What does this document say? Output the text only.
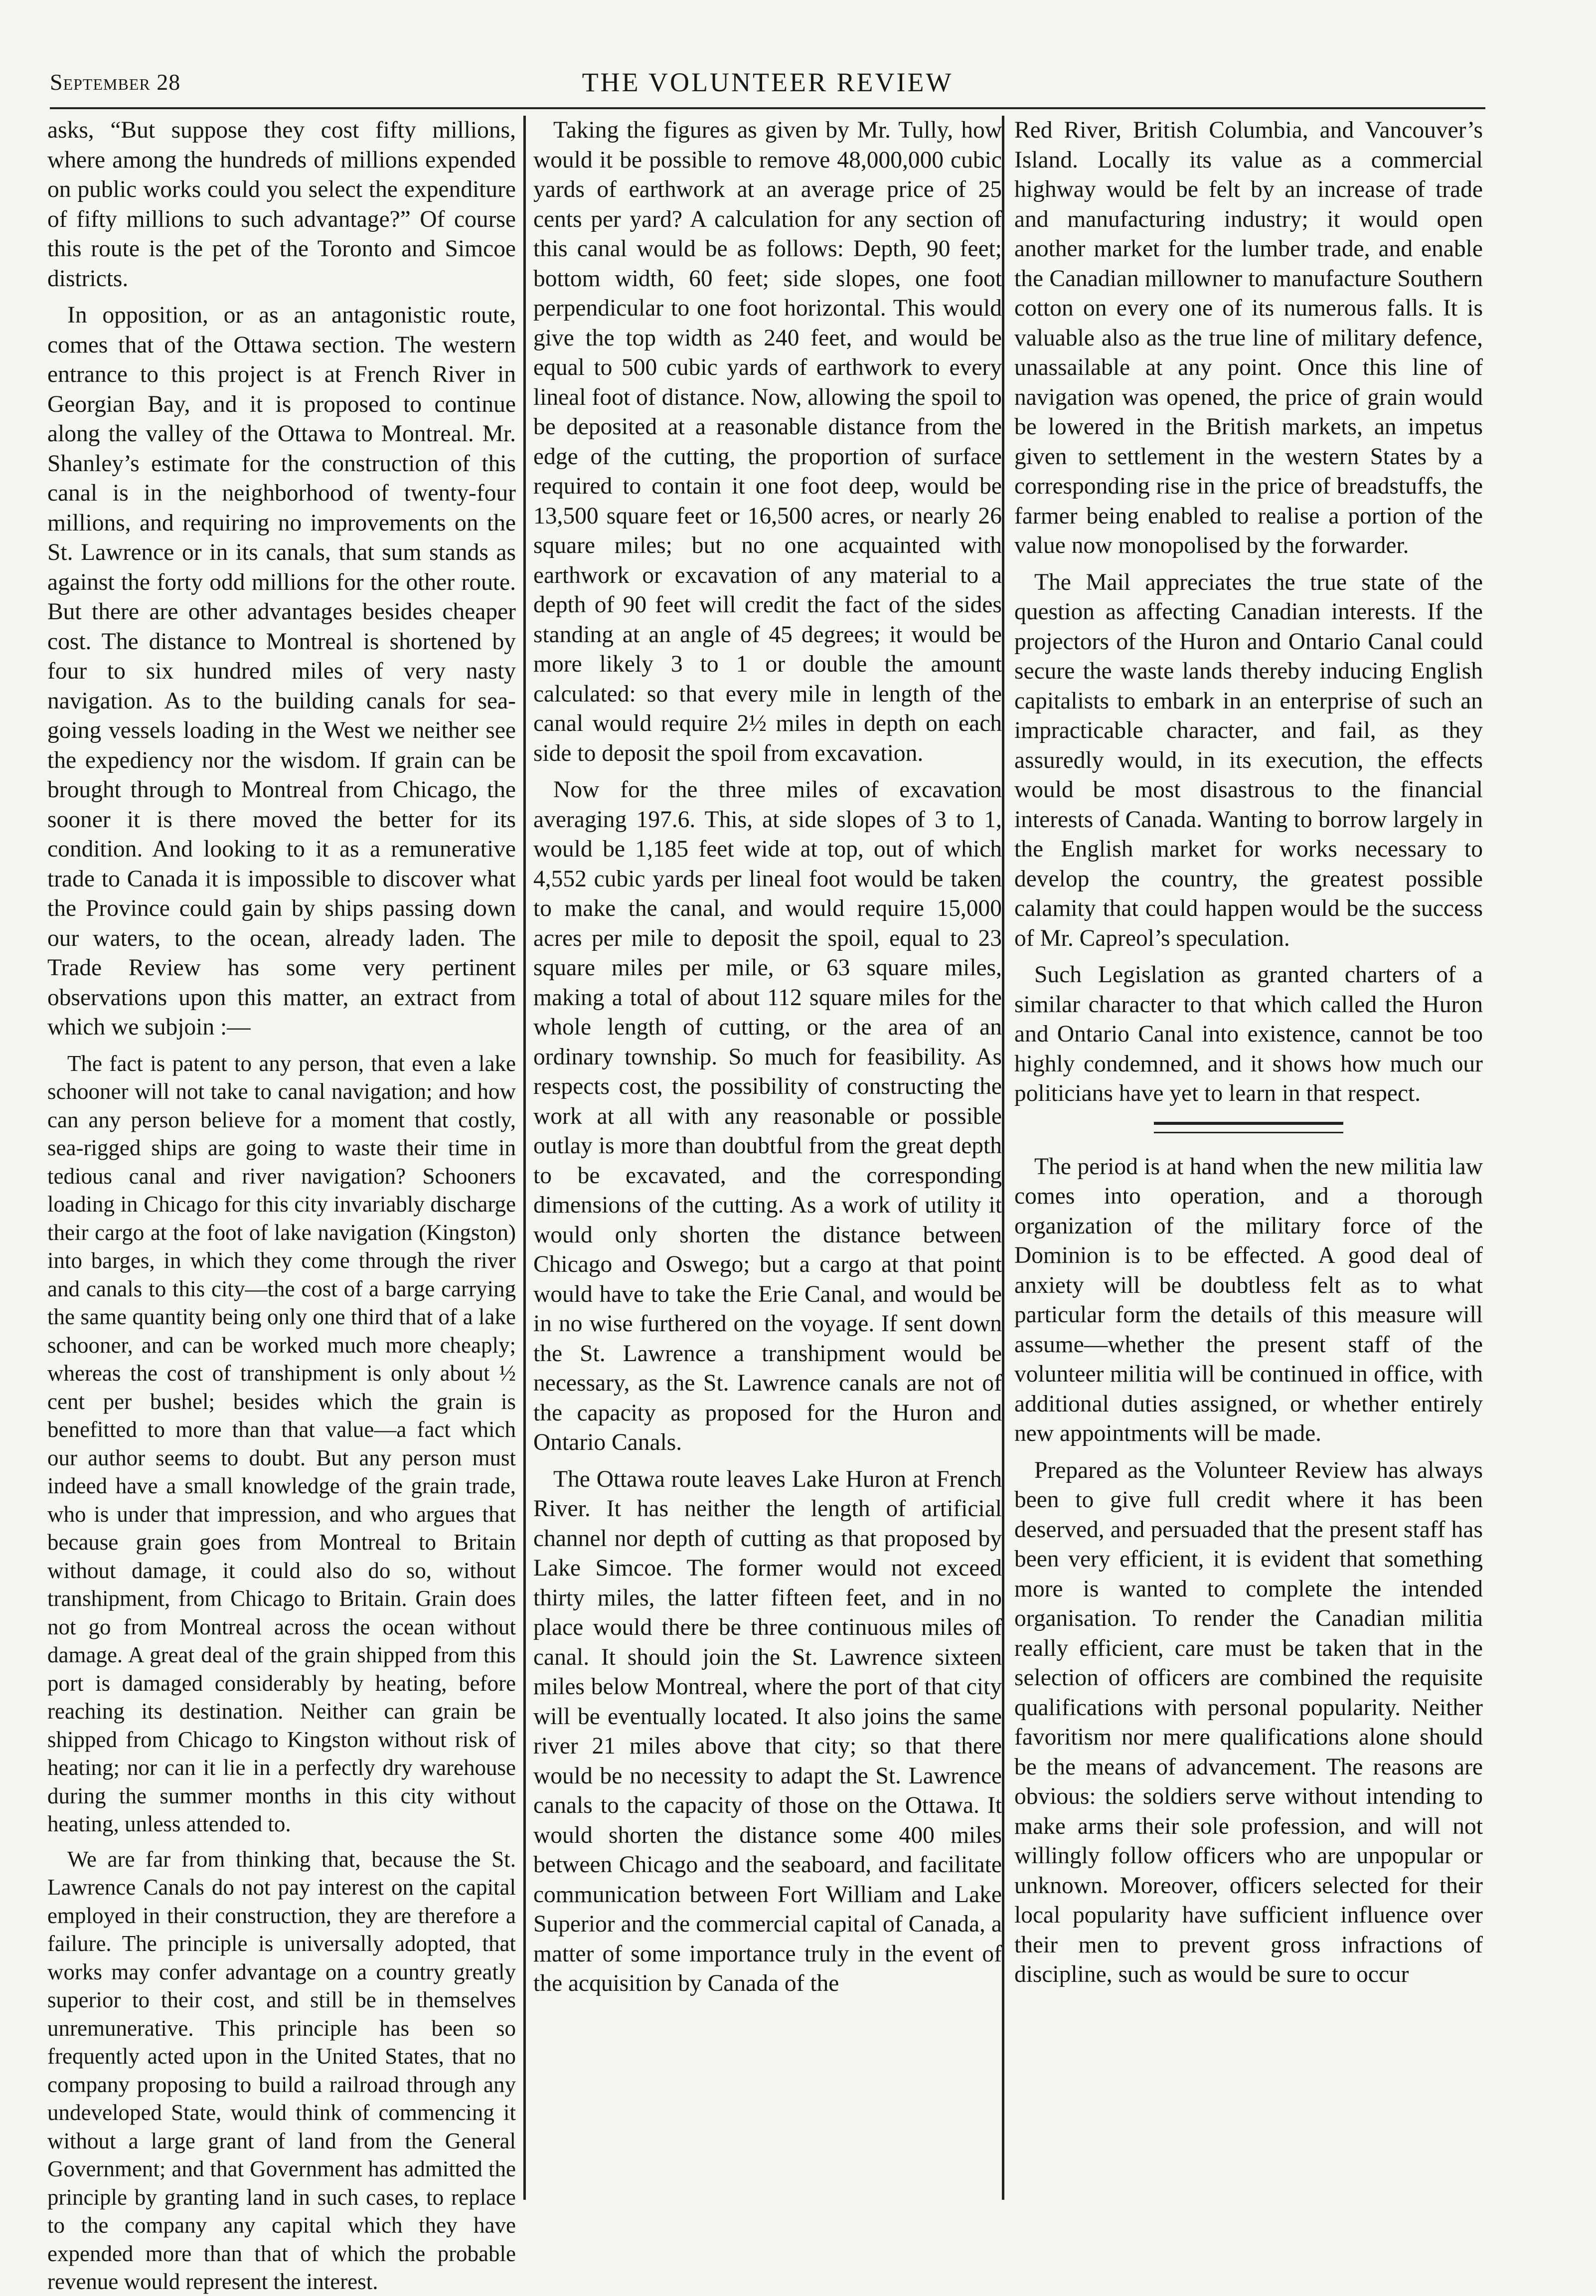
September 28	THE VOLUNTEER REVIEW

asks, “But suppose they cost fifty millions, where among the hundreds of millions expended on public works could you select the expenditure of fifty millions to such advantage?” Of course this route is the pet of the Toronto and Simcoe districts.

In opposition, or as an antagonistic route, comes that of the Ottawa section. The western entrance to this project is at French River in Georgian Bay, and it is proposed to continue along the valley of the Ottawa to Montreal. Mr. Shanley’s estimate for the construction of this canal is in the neighborhood of twenty-four millions, and requiring no improvements on the St. Lawrence or in its canals, that sum stands as against the forty odd millions for the other route. But there are other advantages besides cheaper cost. The distance to Montreal is shortened by four to six hundred miles of very nasty navigation. As to the building canals for sea-going vessels loading in the West we neither see the expediency nor the wisdom. If grain can be brought through to Montreal from Chicago, the sooner it is there moved the better for its condition. And looking to it as a remunerative trade to Canada it is impossible to discover what the Province could gain by ships passing down our waters, to the ocean, already laden. The Trade Review has some very pertinent observations upon this matter, an extract from which we subjoin :—

The fact is patent to any person, that even a lake schooner will not take to canal navigation; and how can any person believe for a moment that costly, sea-rigged ships are going to waste their time in tedious canal and river navigation? Schooners loading in Chicago for this city invariably discharge their cargo at the foot of lake navigation (Kingston) into barges, in which they come through the river and canals to this city—the cost of a barge carrying the same quantity being only one third that of a lake schooner, and can be worked much more cheaply; whereas the cost of transhipment is only about ½ cent per bushel; besides which the grain is benefitted to more than that value—a fact which our author seems to doubt. But any person must indeed have a small knowledge of the grain trade, who is under that impression, and who argues that because grain goes from Montreal to Britain without damage, it could also do so, without transhipment, from Chicago to Britain. Grain does not go from Montreal across the ocean without damage. A great deal of the grain shipped from this port is damaged considerably by heating, before reaching its destination. Neither can grain be shipped from Chicago to Kingston without risk of heating; nor can it lie in a perfectly dry warehouse during the summer months in this city without heating, unless attended to.

We are far from thinking that, because the St. Lawrence Canals do not pay interest on the capital employed in their construction, they are therefore a failure. The principle is universally adopted, that works may confer advantage on a country greatly superior to their cost, and still be in themselves unremunerative. This principle has been so frequently acted upon in the United States, that no company proposing to build a railroad through any undeveloped State, would think of commencing it without a large grant of land from the General Government; and that Government has admitted the principle by granting land in such cases, to replace to the company any capital which they have expended more than that of which the probable revenue would represent the interest.

Taking the figures as given by Mr. Tully, how would it be possible to remove 48,000,000 cubic yards of earthwork at an average price of 25 cents per yard? A calculation for any section of this canal would be as follows: Depth, 90 feet; bottom width, 60 feet; side slopes, one foot perpendicular to one foot horizontal. This would give the top width as 240 feet, and would be equal to 500 cubic yards of earthwork to every lineal foot of distance. Now, allowing the spoil to be deposited at a reasonable distance from the edge of the cutting, the proportion of surface required to contain it one foot deep, would be 13,500 square feet or 16,500 acres, or nearly 26 square miles; but no one acquainted with earthwork or excavation of any material to a depth of 90 feet will credit the fact of the sides standing at an angle of 45 degrees; it would be more likely 3 to 1 or double the amount calculated: so that every mile in length of the canal would require 2½ miles in depth on each side to deposit the spoil from excavation.

Now for the three miles of excavation averaging 197.6. This, at side slopes of 3 to 1, would be 1,185 feet wide at top, out of which 4,552 cubic yards per lineal foot would be taken to make the canal, and would require 15,000 acres per mile to deposit the spoil, equal to 23 square miles per mile, or 63 square miles, making a total of about 112 square miles for the whole length of cutting, or the area of an ordinary township. So much for feasibility. As respects cost, the possibility of constructing the work at all with any reasonable or possible outlay is more than doubtful from the great depth to be excavated, and the corresponding dimensions of the cutting. As a work of utility it would only shorten the distance between Chicago and Oswego; but a cargo at that point would have to take the Erie Canal, and would be in no wise furthered on the voyage. If sent down the St. Lawrence a transhipment would be necessary, as the St. Lawrence canals are not of the capacity as proposed for the Huron and Ontario Canals.

The Ottawa route leaves Lake Huron at French River. It has neither the length of artificial channel nor depth of cutting as that proposed by Lake Simcoe. The former would not exceed thirty miles, the latter fifteen feet, and in no place would there be three continuous miles of canal. It should join the St. Lawrence sixteen miles below Montreal, where the port of that city will be eventually located. It also joins the same river 21 miles above that city; so that there would be no necessity to adapt the St. Lawrence canals to the capacity of those on the Ottawa. It would shorten the distance some 400 miles between Chicago and the seaboard, and facilitate communication between Fort William and Lake Superior and the commercial capital of Canada, a matter of some importance truly in the event of the acquisition by Canada of the

Red River, British Columbia, and Vancouver’s Island. Locally its value as a commercial highway would be felt by an increase of trade and manufacturing industry; it would open another market for the lumber trade, and enable the Canadian millowner to manufacture Southern cotton on every one of its numerous falls. It is valuable also as the true line of military defence, unassailable at any point. Once this line of navigation was opened, the price of grain would be lowered in the British markets, an impetus given to settlement in the western States by a corresponding rise in the price of breadstuffs, the farmer being enabled to realise a portion of the value now monopolised by the forwarder.

The Mail appreciates the true state of the question as affecting Canadian interests. If the projectors of the Huron and Ontario Canal could secure the waste lands thereby inducing English capitalists to embark in an enterprise of such an impracticable character, and fail, as they assuredly would, in its execution, the effects would be most disastrous to the financial interests of Canada. Wanting to borrow largely in the English market for works necessary to develop the country, the greatest possible calamity that could happen would be the success of Mr. Capreol’s speculation.

Such Legislation as granted charters of a similar character to that which called the Huron and Ontario Canal into existence, cannot be too highly condemned, and it shows how much our politicians have yet to learn in that respect.

The period is at hand when the new militia law comes into operation, and a thorough organization of the military force of the Dominion is to be effected. A good deal of anxiety will be doubtless felt as to what particular form the details of this measure will assume—whether the present staff of the volunteer militia will be continued in office, with additional duties assigned, or whether entirely new appointments will be made.

Prepared as the Volunteer Review has always been to give full credit where it has been deserved, and persuaded that the present staff has been very efficient, it is evident that something more is wanted to complete the intended organisation. To render the Canadian militia really efficient, care must be taken that in the selection of officers are combined the requisite qualifications with personal popularity. Neither favoritism nor mere qualifications alone should be the means of advancement. The reasons are obvious: the soldiers serve without intending to make arms their sole profession, and will not willingly follow officers who are unpopular or unknown. Moreover, officers selected for their local popularity have sufficient influence over their men to prevent gross infractions of discipline, such as would be sure to occur
